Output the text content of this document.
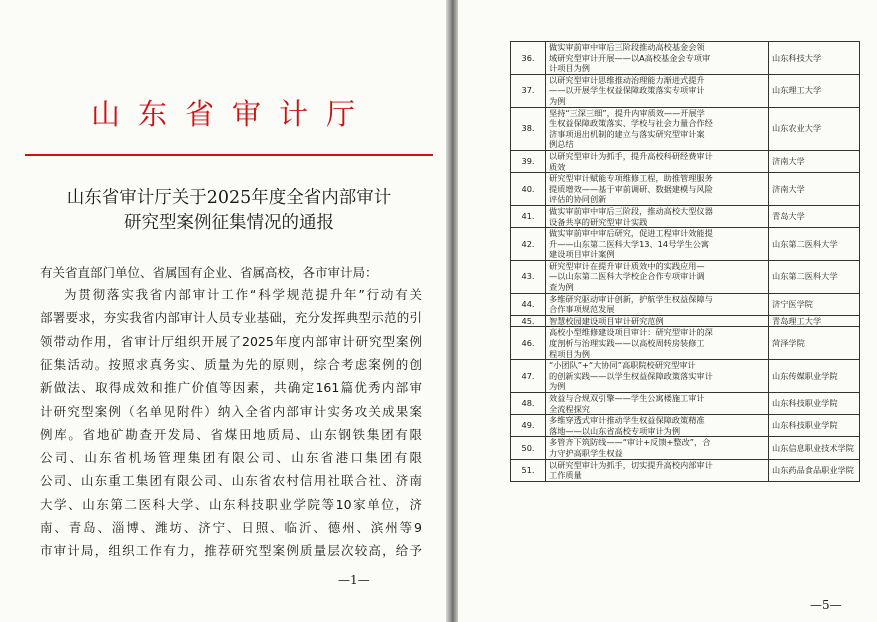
山东省审计厅
山东省审计厅关于2025年度全省内部审计
研究型案例征集情况的通报
有关省直部门单位、省属国有企业、省属高校，各市审计局：
为贯彻落实我省内部审计工作“科学规范提升年”行动有关
部署要求，夯实我省内部审计人员专业基础，充分发挥典型示范的引
领带动作用，省审计厅组织开展了2025年度内部审计研究型案例
征集活动。按照求真务实、质量为先的原则，综合考虑案例的创
新做法、取得成效和推广价值等因素，共确定161篇优秀内部审
计研究型案例（名单见附件）纳入全省内部审计实务攻关成果案
例库。省地矿勘查开发局、省煤田地质局、山东钢铁集团有限
公司、山东省机场管理集团有限公司、山东省港口集团有限
公司、山东重工集团有限公司、山东省农村信用社联合社、济南
大学、山东第二医科大学、山东科技职业学院等10家单位，济
南、青岛、淄博、潍坊、济宁、日照、临沂、德州、滨州等9
市审计局，组织工作有力，推荐研究型案例质量层次较高，给予
—1—
36.	做实审前审中审后三阶段推动高校基金会领
域研究型审计开展——以A高校基金会专项审
计项目为例	山东科技大学
37.	以研究型审计思维推动治理能力渐进式提升
——以开展学生权益保障政策落实专项审计
为例	山东理工大学
38.	坚持“三深三细”，提升内审质效——开展学
生权益保障政策落实、学校与社会力量合作经
济事项退出机制的建立与落实研究型审计案
例总结	山东农业大学
39.	以研究型审计为抓手，提升高校科研经费审计
质效	济南大学
40.	研究型审计赋能专项维修工程，助推管理服务
提质增效——基于审前调研、数据建模与风险
评估的协同创新	济南大学
41.	做实审前审中审后三阶段，推动高校大型仪器
设备共享的研究型审计实践	青岛大学
42.	做实审前审中审后研究，促进工程审计效能提
升——山东第二医科大学13、14号学生公寓
建设项目审计案例	山东第二医科大学
43.	研究型审计在提升审计质效中的实践应用—
—以山东第二医科大学校企合作专项审计调
查为例	山东第二医科大学
44.	多维研究驱动审计创新，护航学生权益保障与
合作事项规范发展	济宁医学院
45.	智慧校园建设项目审计研究范例	青岛理工大学
46.	高校小型维修建设项目审计：研究型审计的深
度剖析与治理实践——以高校周转房装修工
程项目为例	菏泽学院
47.	“小团队”+“大协同”高职院校研究型审计
的创新实践——以学生权益保障政策落实审计
为例	山东传媒职业学院
48.	效益与合规双引擎——学生公寓楼施工审计
全流程探究	山东科技职业学院
49.	多维穿透式审计推动学生权益保障政策精准
落地——以山东省高校专项审计为例	山东科技职业学院
50.	多管齐下筑防线——“审计+反馈+整改”，合
力守护高职学生权益	山东信息职业技术学院
51.	以研究型审计为抓手，切实提升高校内部审计
工作质量	山东药品食品职业学院
—5—
